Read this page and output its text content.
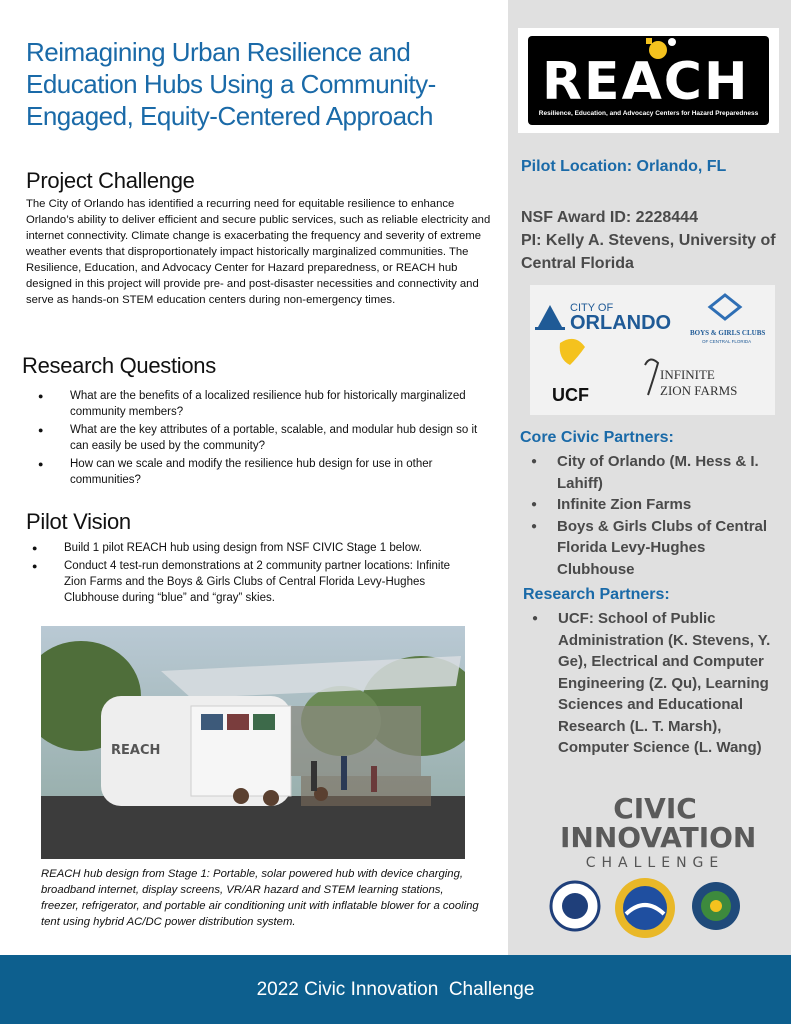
Reimagining Urban Resilience and Education Hubs Using a Community-Engaged, Equity-Centered Approach
Project Challenge
The City of Orlando has identified a recurring need for equitable resilience to enhance Orlando’s ability to deliver efficient and secure public services, such as reliable electricity and internet connectivity. Climate change is exacerbating the frequency and severity of extreme weather events that disproportionately impact historically marginalized communities. The Resilience, Education, and Advocacy Center for Hazard preparedness, or REACH hub designed in this project will provide pre- and post-disaster necessities and connectivity and serve as hands-on STEM education centers during non-emergency times.
Research Questions
● What are the benefits of a localized resilience hub for historically marginalized community members?
● What are the key attributes of a portable, scalable, and modular hub design so it can easily be used by the community?
● How can we scale and modify the resilience hub design for use in other communities?
Pilot Vision
● Build 1 pilot REACH hub using design from NSF CIVIC Stage 1 below.
● Conduct 4 test-run demonstrations at 2 community partner locations: Infinite Zion Farms and the Boys & Girls Clubs of Central Florida Levy-Hughes Clubhouse during “blue” and “gray” skies.
REACH
REACH hub design from Stage 1: Portable, solar powered hub with device charging, broadband internet, display screens, VR/AR hazard and STEM learning stations, freezer, refrigerator, and portable air conditioning unit with inflatable blower for a cooling tent using hybrid AC/DC power distribution system.
REACH
Resilience, Education, and Advocacy Centers for Hazard Preparedness
Pilot Location: Orlando, FL
NSF Award ID: 2228444
PI: Kelly A. Stevens, University of Central Florida
CITY OF
ORLANDO	BOYS & GIRLS CLUBS
OF CENTRAL FLORIDA
UCF
INFINITE
ZION FARMS
Core Civic Partners:
● City of Orlando (M. Hess & I. Lahiff)
● Infinite Zion Farms
● Boys & Girls Clubs of Central Florida Levy-Hughes Clubhouse
Research Partners:
● UCF: School of Public Administration (K. Stevens, Y. Ge), Electrical and Computer Engineering (Z. Qu), Learning Sciences and Educational Research (L. T. Marsh), Computer Science (L. Wang)
CIVIC
INNOVATION
CHALLENGE
2022 Civic Innovation  Challenge
